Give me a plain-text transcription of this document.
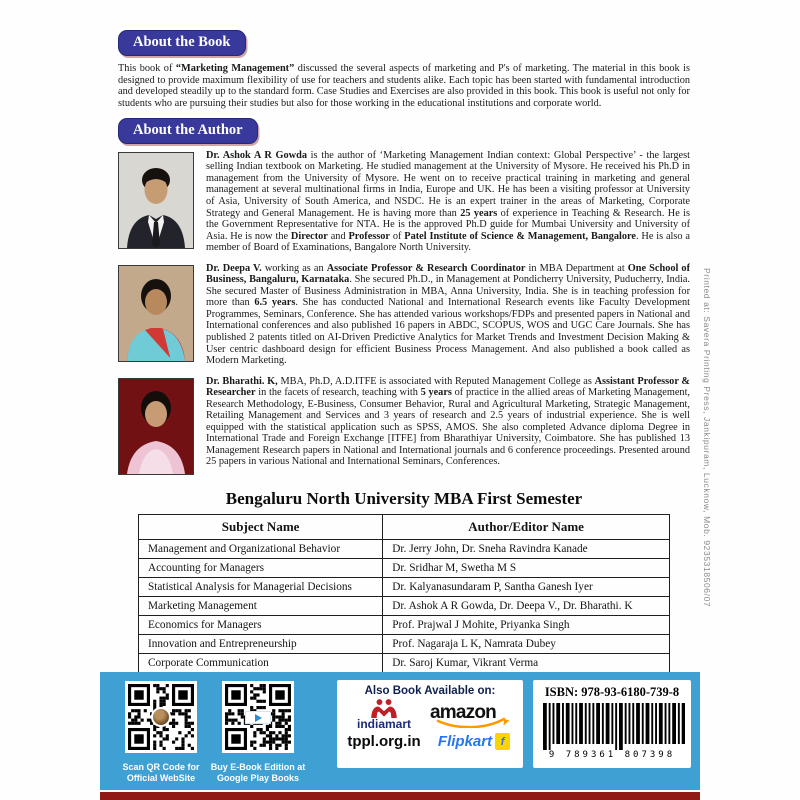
About the Book

This book of “Marketing Management” discussed the several aspects of marketing and P's of marketing. The material in this book is designed to provide maximum flexibility of use for teachers and students alike. Each topic has been started with fundamental introduction and developed steadily up to the standard form. Case Studies and Exercises are also provided in this book. This book is useful not only for students who are pursuing their studies but also for those working in the educational institutions and corporate world.

About the Author

Dr. Ashok A R Gowda is the author of ‘Marketing Management Indian context: Global Perspective’ - the largest selling Indian textbook on Marketing. He studied management at the University of Mysore. He received his Ph.D in management from the University of Mysore. He went on to receive practical training in marketing and general management at several multinational firms in India, Europe and UK. He has been a visiting professor at University of Asia, University of South America, and NSDC. He is an expert trainer in the areas of Marketing, Corporate Strategy and General Management. He is having more than 25 years of experience in Teaching & Research. He is the Government Representative for NTA. He is the approved Ph.D guide for Mumbai University and University of Asia. He is now the Director and Professor of Patel Institute of Science & Management, Bangalore. He is also a member of Board of Examinations, Bangalore North University.

Dr. Deepa V. working as an Associate Professor & Research Coordinator in MBA Department at One School of Business, Bangaluru, Karnataka. She secured Ph.D., in Management at Pondicherry University, Puducherry, India. She secured Master of Business Administration in MBA, Anna University, India. She is in teaching profession for more than 6.5 years. She has conducted National and International Research events like Faculty Development Programmes, Seminars, Conference. She has attended various workshops/FDPs and presented papers in National and International conferences and also published 16 papers in ABDC, SCOPUS, WOS and UGC Care Journals. She has published 2 patents titled on AI-Driven Predictive Analytics for Market Trends and Investment Decision Making & User centric dashboard design for efficient Business Process Management. And also published a book called as Modern Marketing.

Dr. Bharathi. K, MBA, Ph.D, A.D.ITFE is associated with Reputed Management College as Assistant Professor & Researcher in the facets of research, teaching with 5 years of practice in the allied areas of Marketing Management, Research Methodology, E-Business, Consumer Behavior, Rural and Agricultural Marketing, Strategic Management, Retailing Management and Services and 3 years of research and 2.5 years of industrial experience. She is well equipped with the statistical application such as SPSS, AMOS. She also completed Advance diploma Degree in International Trade and Foreign Exchange [ITFE] from Bharathiyar University, Coimbatore. She has published 13 Management Research papers in National and International journals and 6 conference proceedings. Presented around 25 papers in various National and International Seminars, Conferences.

Bengaluru North University MBA First Semester
Subject Name	Author/Editor Name
Management and Organizational Behavior	Dr. Jerry John, Dr. Sneha Ravindra Kanade
Accounting for Managers	Dr. Sridhar M, Swetha M S
Statistical Analysis for Managerial Decisions	Dr. Kalyanasundaram P, Santha Ganesh Iyer
Marketing Management	Dr. Ashok A R Gowda, Dr. Deepa V., Dr. Bharathi. K
Economics for Managers	Prof. Prajwal J Mohite, Priyanka Singh
Innovation and Entrepreneurship	Prof. Nagaraja L K, Namrata Dubey
Corporate Communication	Dr. Saroj Kumar, Vikrant Verma
Printed at: Savera Printing Press, Jankipuram, Lucknow, Mob. 9235318506/07
Scan QR Code for Official WebSite
Buy E-Book Edition at Google Play Books
Also Book Available on:
indiamart
amazon
tppl.org.in Flipkart f
ISBN: 978-93-6180-739-8
9 789361 807398
